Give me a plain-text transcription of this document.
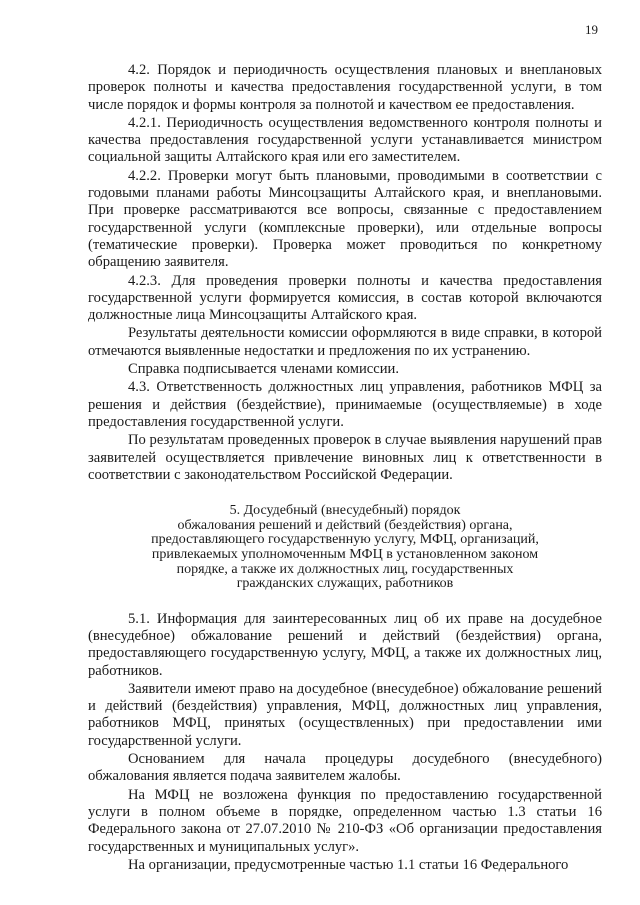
19

4.2. Порядок и периодичность осуществления плановых и внеплановых проверок полноты и качества предоставления государственной услуги, в том числе порядок и формы контроля за полнотой и качеством ее предоставления.

4.2.1. Периодичность осуществления ведомственного контроля полноты и качества предоставления государственной услуги устанавливается министром социальной защиты Алтайского края или его заместителем.

4.2.2. Проверки могут быть плановыми, проводимыми в соответствии с годовыми планами работы Минсоцзащиты Алтайского края, и внеплановыми. При проверке рассматриваются все вопросы, связанные с предоставлением государственной услуги (комплексные проверки), или отдельные вопросы (тематические проверки). Проверка может проводиться по конкретному обращению заявителя.

4.2.3. Для проведения проверки полноты и качества предоставления государственной услуги формируется комиссия, в состав которой включаются должностные лица Минсоцзащиты Алтайского края.

Результаты деятельности комиссии оформляются в виде справки, в которой отмечаются выявленные недостатки и предложения по их устранению.

Справка подписывается членами комиссии.

4.3. Ответственность должностных лиц управления, работников МФЦ за решения и действия (бездействие), принимаемые (осуществляемые) в ходе предоставления государственной услуги.

По результатам проведенных проверок в случае выявления нарушений прав заявителей осуществляется привлечение виновных лиц к ответственности в соответствии с законодательством Российской Федерации.

5. Досудебный (внесудебный) порядок
обжалования решений и действий (бездействия) органа,
предоставляющего государственную услугу, МФЦ, организаций,
привлекаемых уполномоченным МФЦ в установленном законом
порядке, а также их должностных лиц, государственных
гражданских служащих, работников

5.1. Информация для заинтересованных лиц об их праве на досудебное (внесудебное) обжалование решений и действий (бездействия) органа, предоставляющего государственную услугу, МФЦ, а также их должностных лиц, работников.

Заявители имеют право на досудебное (внесудебное) обжалование решений и действий (бездействия) управления, МФЦ, должностных лиц управления, работников МФЦ, принятых (осуществленных) при предоставлении ими государственной услуги.

Основанием для начала процедуры досудебного (внесудебного) обжалования является подача заявителем жалобы.

На МФЦ не возложена функция по предоставлению государственной услуги в полном объеме в порядке, определенном частью 1.3 статьи 16 Федерального закона от 27.07.2010 № 210-ФЗ «Об организации предоставления государственных и муниципальных услуг».

На организации, предусмотренные частью 1.1 статьи 16 Федерального
